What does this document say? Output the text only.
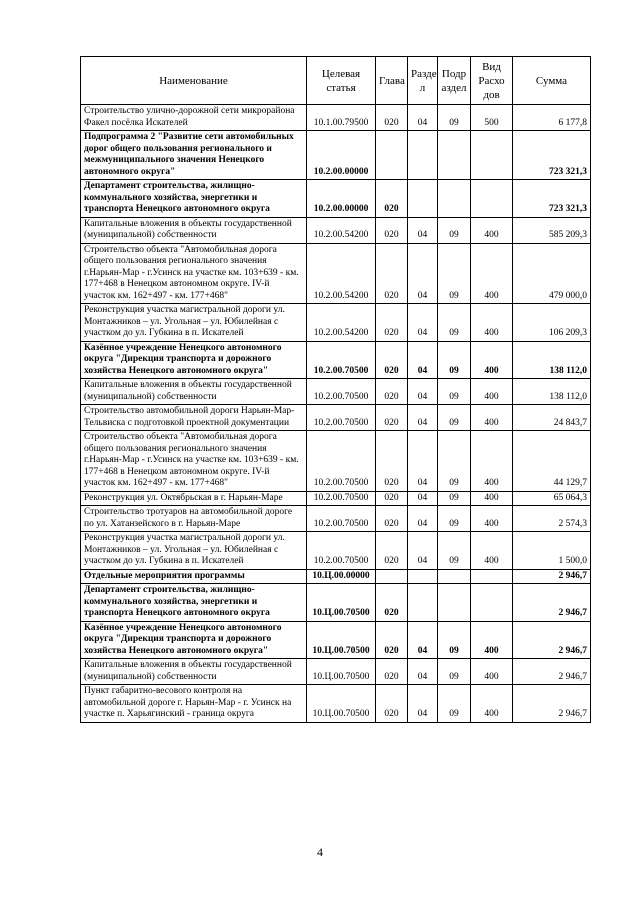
Наименование	Целевая статья	Глава	Разде л	Подр аздел	Вид Расхо дов	Сумма
Строительство улично-дорожной сети микрорайона Факел посёлка Искателей	10.1.00.79500	020	04	09	500	6 177,8
Подпрограмма 2 "Развитие сети автомобильных дорог общего пользования регионального и межмуниципального значения Ненецкого автономного округа"	10.2.00.00000					723 321,3
Департамент строительства, жилищно-коммунального хозяйства, энергетики и транспорта Ненецкого автономного округа	10.2.00.00000	020				723 321,3
Капитальные вложения в объекты государственной (муниципальной) собственности	10.2.00.54200	020	04	09	400	585 209,3
Строительство объекта "Автомобильная дорога общего пользования регионального значения г.Нарьян-Мар - г.Усинск на участке км. 103+639 - км. 177+468 в Ненецком автономном округе. IV-й участок км. 162+497 - км. 177+468"	10.2.00.54200	020	04	09	400	479 000,0
Реконструкция участка магистральной дороги ул. Монтажников – ул. Угольная – ул. Юбилейная с участком до ул. Губкина в п. Искателей	10.2.00.54200	020	04	09	400	106 209,3
Казённое учреждение Ненецкого автономного округа "Дирекция транспорта и дорожного хозяйства Ненецкого автономного округа"	10.2.00.70500	020	04	09	400	138 112,0
Капитальные вложения в объекты государственной (муниципальной) собственности	10.2.00.70500	020	04	09	400	138 112,0
Строительство автомобильной дороги Нарьян-Мар-Тельвиска с подготовкой проектной документации	10.2.00.70500	020	04	09	400	24 843,7
Строительство объекта "Автомобильная дорога общего пользования регионального значения г.Нарьян-Мар - г.Усинск на участке км. 103+639 - км. 177+468 в Ненецком автономном округе. IV-й участок км. 162+497 - км. 177+468"	10.2.00.70500	020	04	09	400	44 129,7
Реконструкция ул. Октябрьская в г. Нарьян-Маре	10.2.00.70500	020	04	09	400	65 064,3
Строительство тротуаров на автомобильной дороге по ул. Хатанзейского в г. Нарьян-Маре	10.2.00.70500	020	04	09	400	2 574,3
Реконструкция участка магистральной дороги ул. Монтажников – ул. Угольная – ул. Юбилейная с участком до ул. Губкина в п. Искателей	10.2.00.70500	020	04	09	400	1 500,0
Отдельные мероприятия программы	10.Ц.00.00000					2 946,7
Департамент строительства, жилищно-коммунального хозяйства, энергетики и транспорта Ненецкого автономного округа	10.Ц.00.70500	020				2 946,7
Казённое учреждение Ненецкого автономного округа "Дирекция транспорта и дорожного хозяйства Ненецкого автономного округа"	10.Ц.00.70500	020	04	09	400	2 946,7
Капитальные вложения в объекты государственной (муниципальной) собственности	10.Ц.00.70500	020	04	09	400	2 946,7
Пункт габаритно-весового контроля на автомобильной дороге г. Нарьян-Мар - г. Усинск на участке п. Харьягинский - граница округа	10.Ц.00.70500	020	04	09	400	2 946,7
4
